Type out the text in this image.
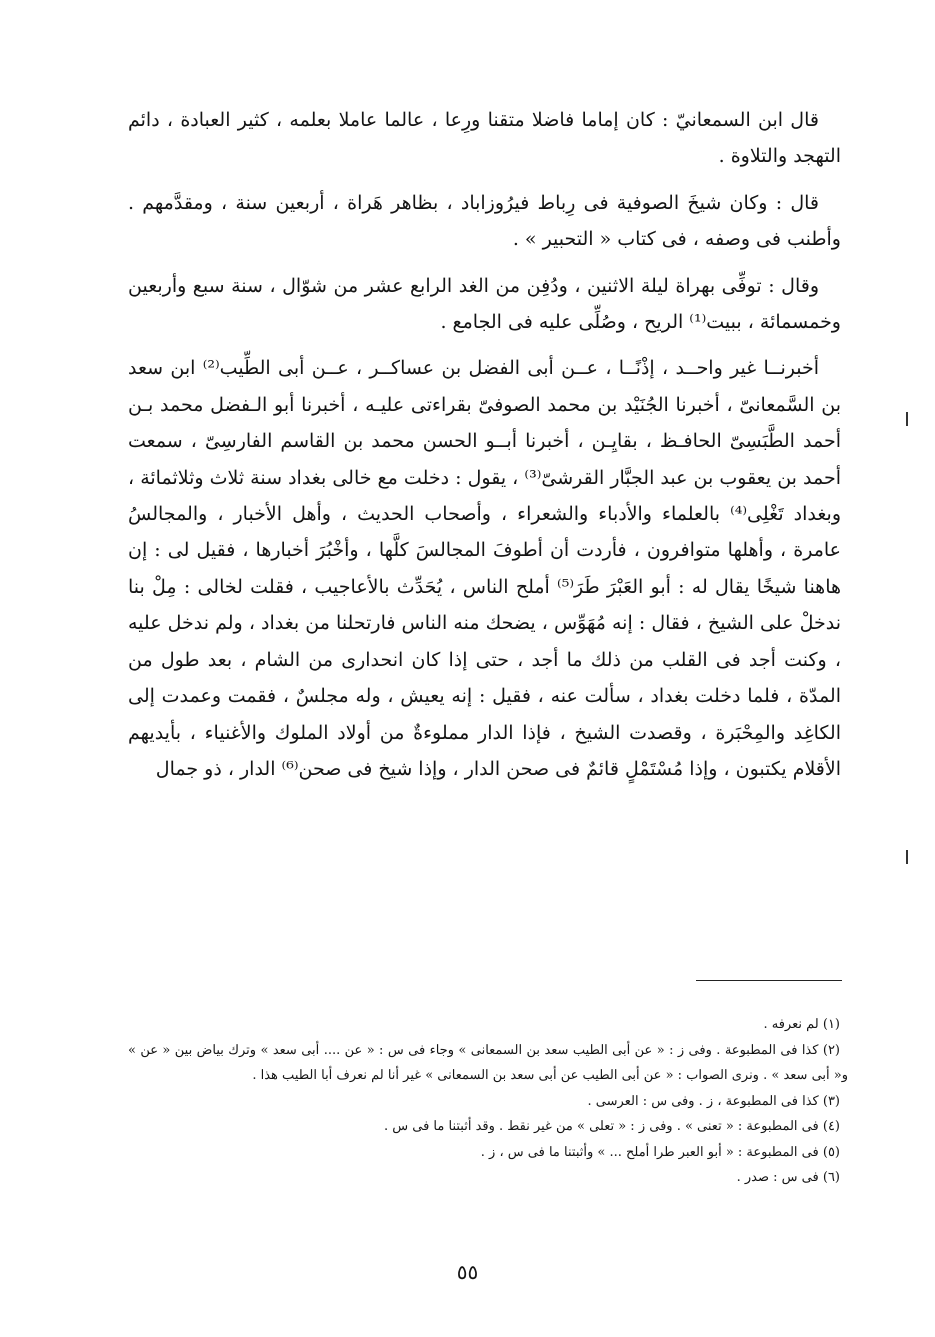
قال ابن السمعانيّ : كان إماما فاضلا متقنا ورِعا ، عالما عاملا بعلمه ، كثير العبادة ، دائم التهجد والتلاوة .

قال : وكان شيخَ الصوفية فى رِباط فيرُوزاباد ، بظاهر هَراة ، أربعين سنة ، ومقدَّمهم . وأطنب فى وصفه ، فى كتاب « التحبير » .

وقال : توفِّى بهراة ليلة الاثنين ، ودُفِن من الغد الرابع عشر من شوّال ، سنة سبع وأربعين وخمسمائة ، ببيت⁽¹⁾ الريح ، وصُلِّى عليه فى الجامع .

أخبرنــا غير واحــد ، إذْنًــا ، عــن أبى الفضل بن عساكــر ، عــن أبى الطِّيب⁽²⁾ ابن سعد بن السَّمعانىّ ، أخبرنا الجُنَيْد بن محمد الصوفىّ بقراءتى عليـه ، أخبرنا أبو الـفضل محمد بـن أحمد الطَّبَسِىّ الحافـظ ، بقايِـن ، أخبرنا أبــو الحسن محمد بن القاسم الفارسِىّ ، سمعت أحمد بن يعقوب بن عبد الجبَّار القرشىّ⁽³⁾ ، يقول : دخلت مع خالى بغداد سنة ثلاث وثلاثمائة ، وبغداد تَغْلِى⁽⁴⁾ بالعلماء والأدباء والشعراء ، وأصحاب الحديث ، وأهل الأخبار ، والمجالسُ عامرة ، وأهلها متوافرون ، فأردت أن أطوفَ المجالسَ كلَّها ، وأخْبُرَ أخبارها ، فقيل لى : إن هاهنا شيخًا يقال له : أبو العَبْرَ طَرَ⁽⁵⁾ أملح الناس ، يُحَدِّث بالأعاجيب ، فقلت لخالى : مِلْ بنا ندخلْ على الشيخ ، فقال : إنه مُهَوِّس ، يضحك منه الناس فارتحلنا من بغداد ، ولم ندخل عليه ، وكنت أجد فى القلب من ذلك ما أجد ، حتى إذا كان انحدارى من الشام ، بعد طول من المدّة ، فلما دخلت بغداد ، سألت عنه ، فقيل : إنه يعيش ، وله مجلسٌ ، فقمت وعمدت إلى الكاغِد والمِحْبَرة ، وقصدت الشيخ ، فإذا الدار مملوءةٌ من أولاد الملوك والأغنياء ، بأيديهم الأقلام يكتبون ، وإذا مُسْتَمْلٍ قائمٌ فى صحن الدار ، وإذا شيخ فى صحن⁽⁶⁾ الدار ، ذو جمال

(١) لم نعرفه .

(٢) كذا فى المطبوعة . وفى ز : « عن أبى الطيب سعد بن السمعانى » وجاء فى س : « عن .... أبى سعد » وترك بياض بين « عن » و« أبى سعد » . ونرى الصواب : « عن أبى الطيب عن أبى سعد بن السمعانى » غير أنا لم نعرف أبا الطيب هذا .

(٣) كذا فى المطبوعة ، ز . وفى س : العرسى .

(٤) فى المطبوعة : « تعنى » . وفى ز : « تعلى » من غير نقط . وقد أثبتنا ما فى س .

(٥) فى المطبوعة : « أبو العبر طرا أملح ... » وأثبتنا ما فى س ، ز .

(٦) فى س : صدر .

٥٥
